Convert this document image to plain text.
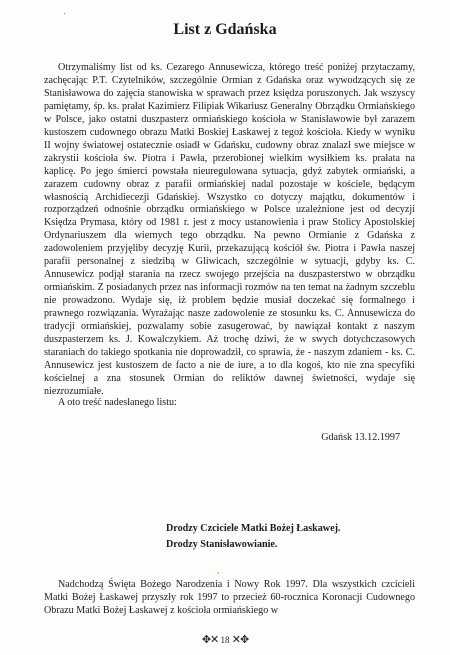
List z Gdańska

Otrzymaliśmy list od ks. Cezarego Annusewicza, którego treść poniżej przytaczamy, zachęcając P.T. Czytelników, szczególnie Ormian z Gdańska oraz wywodzących się ze Stanisławowa do zajęcia stanowiska w sprawach przez księdza poruszonych. Jak wszyscy pamiętamy, śp. ks. prałat Kazimierz Filipiak Wikariusz Generalny Obrządku Ormiańskiego w Polsce, jako ostatni duszpasterz ormiańskiego kościoła w Stanisławowie był zarazem kustoszem cudownego obrazu Matki Boskiej Łaskawej z tegoż kościoła. Kiedy w wyniku II wojny światowej ostatecznie osiadł w Gdańsku, cudowny obraz znalazł swe miejsce w zakrystii kościoła św. Piotra i Pawła, przerobionej wielkim wysiłkiem ks. prałata na kaplicę. Po jego śmierci powstała nieuregulowana sytuacja, gdyż zabytek ormiański, a zarazem cudowny obraz z parafii ormiańskiej nadal pozostaje w kościele, będącym własnością Archidiecezji Gdańskiej. Wszystko co dotyczy majątku, dokumentów i rozporządzeń odnośnie obrządku ormiańskiego w Polsce uzależnione jest od decyzji Księdza Prymasa, który od 1981 r. jest z mocy ustanowienia i praw Stolicy Apostolskiej Ordynariuszem dla wiernych tego obrządku. Na pewno Ormianie z Gdańska z zadowoleniem przyjęliby decyzję Kurii, przekazującą kościół św. Piotra i Pawła naszej parafii personalnej z siedzibą w Gliwicach, szczególnie w sytuacji, gdyby ks. C. Annusewicz podjął starania na rzecz swojego przejścia na duszpasterstwo w obrządku ormiańskim. Z posiadanych przez nas informacji rozmów na ten temat na żadnym szczeblu nie prowadzono. Wydaje się, iż problem będzie musiał doczekać się formalnego i prawnego rozwiązania. Wyrażając nasze zadowolenie ze stosunku ks. C. Annusewicza do tradycji ormiańskiej, pozwalamy sobie zasugerować, by nawiązał kontakt z naszym duszpasterzem ks. J. Kowalczykiem. Aż trochę dziwi, że w swych dotychczasowych staraniach do takiego spotkania nie doprowadził, co sprawia, że - naszym zdaniem - ks. C. Annusewicz jest kustoszem de facto a nie de iure, a to dla kogoś, kto nie zna specyfiki kościelnej a zna stosunek Ormian do reliktów dawnej świetności, wydaje się niezrozumiałe.

A oto treść nadesłanego listu:

Gdańsk 13.12.1997

Drodzy Czciciele Matki Bożej Łaskawej.
Drodzy Stanisławowianie.

Nadchodzą Święta Bożego Narodzenia i Nowy Rok 1997. Dla wszystkich czcicieli Matki Bożej Łaskawej przyszły rok 1997 to przecież 60-rocznica Koronacji Cudownego Obrazu Matki Bożej Łaskawej z kościoła ormiańskiego w

✥✕ 18 ✕✥
